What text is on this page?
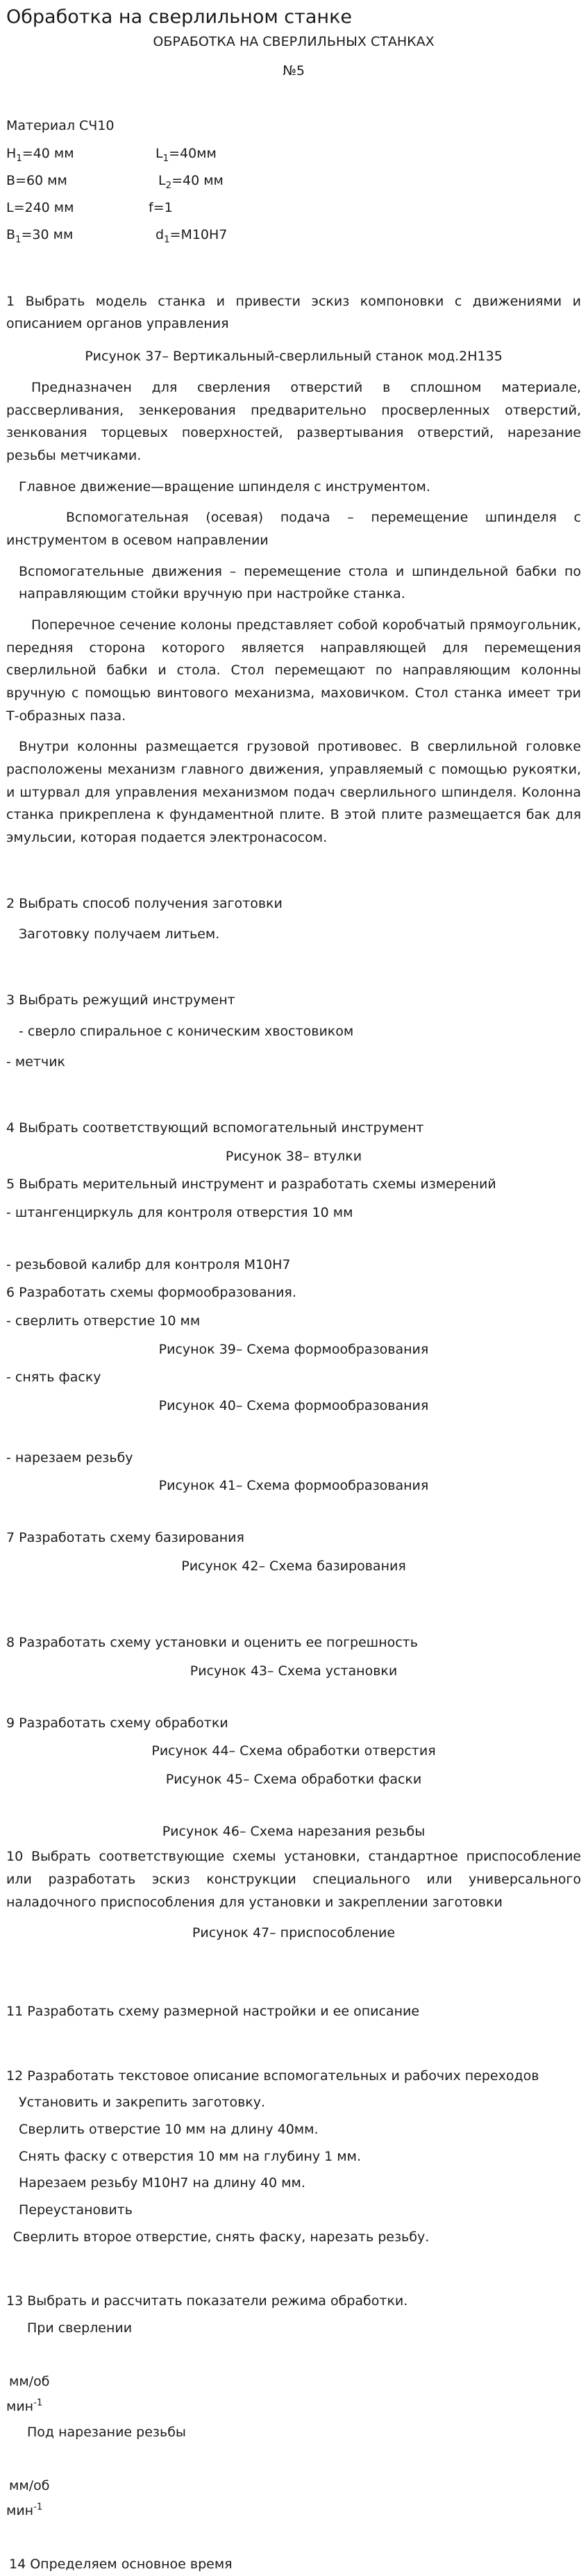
Обработка на сверлильном станке

ОБРАБОТКА НА СВЕРЛИЛЬНЫХ СТАНКАХ

№5

Материал СЧ10

$H_1=40$ мм	$L_1=40мм$
B=60 мм	$L_2=40$ мм
L=240 мм	f=1
$B_1=30$ мм	$d_1=M10H7$

1 Выбрать модель станка и привести эскиз компоновки с движениями и описанием органов управления

Рисунок 37– Вертикальный-сверлильный станок мод.2Н135

Предназначен для сверления отверстий в сплошном материале, рассверливания, зенкерования предварительно просверленных отверстий, зенкования торцевых поверхностей, развертывания отверстий, нарезание резьбы метчиками.

Главное движение—вращение шпинделя с инструментом.

Вспомогательная (осевая) подача – перемещение шпинделя с инструментом в осевом направлении

Вспомогательные движения – перемещение стола и шпиндельной бабки по направляющим стойки вручную при настройке станка.

Поперечное сечение колоны представляет собой коробчатый прямоугольник, передняя сторона которого является направляющей для перемещения сверлильной бабки и стола. Стол перемещают по направляющим колонны вручную с помощью винтового механизма, маховичком. Стол станка имеет три Т-образных паза.

Внутри колонны размещается грузовой противовес. В сверлильной головке расположены механизм главного движения, управляемый с помощью рукоятки, и штурвал для управления механизмом подач сверлильного шпинделя. Колонна станка прикреплена к фундаментной плите. В этой плите размещается бак для эмульсии, которая подается электронасосом.

2 Выбрать способ получения заготовки

Заготовку получаем литьем.

3 Выбрать режущий инструмент

- сверло спиральное с коническим хвостовиком

- метчик

4 Выбрать соответствующий вспомогательный инструмент

Рисунок 38– втулки

5 Выбрать мерительный инструмент и разработать схемы измерений

- штангенциркуль для контроля отверстия 10 мм

- резьбовой калибр для контроля М10Н7

6 Разработать схемы формообразования.

- сверлить отверстие 10 мм

Рисунок 39– Схема формообразования

- снять фаску

Рисунок 40– Схема формообразования

- нарезаем резьбу

Рисунок 41– Схема формообразования

7 Разработать схему базирования

Рисунок 42– Схема базирования

8 Разработать схему установки и оценить ее погрешность

Рисунок 43– Схема установки

9 Разработать схему обработки

Рисунок 44– Схема обработки отверстия

Рисунок 45– Схема обработки фаски

Рисунок 46– Схема нарезания резьбы

10 Выбрать соответствующие схемы установки, стандартное приспособление или разработать эскиз конструкции специального или универсального наладочного приспособления для установки и закреплении заготовки

Рисунок 47– приспособление

11 Разработать схему размерной настройки и ее описание

12 Разработать текстовое описание вспомогательных и рабочих переходов

Установить и закрепить заготовку.

Сверлить отверстие 10 мм на длину 40мм.

Снять фаску с отверстия 10 мм на глубину 1 мм.

Нарезаем резьбу М10Н7 на длину 40 мм.

Переустановить

Сверлить второе отверстие, снять фаску, нарезать резьбу.

13 Выбрать и рассчитать показатели режима обработки.

При сверлении

мм/об

мин$^{-1}$

Под нарезание резьбы

мм/об

мин$^{-1}$

14 Определяем основное время
